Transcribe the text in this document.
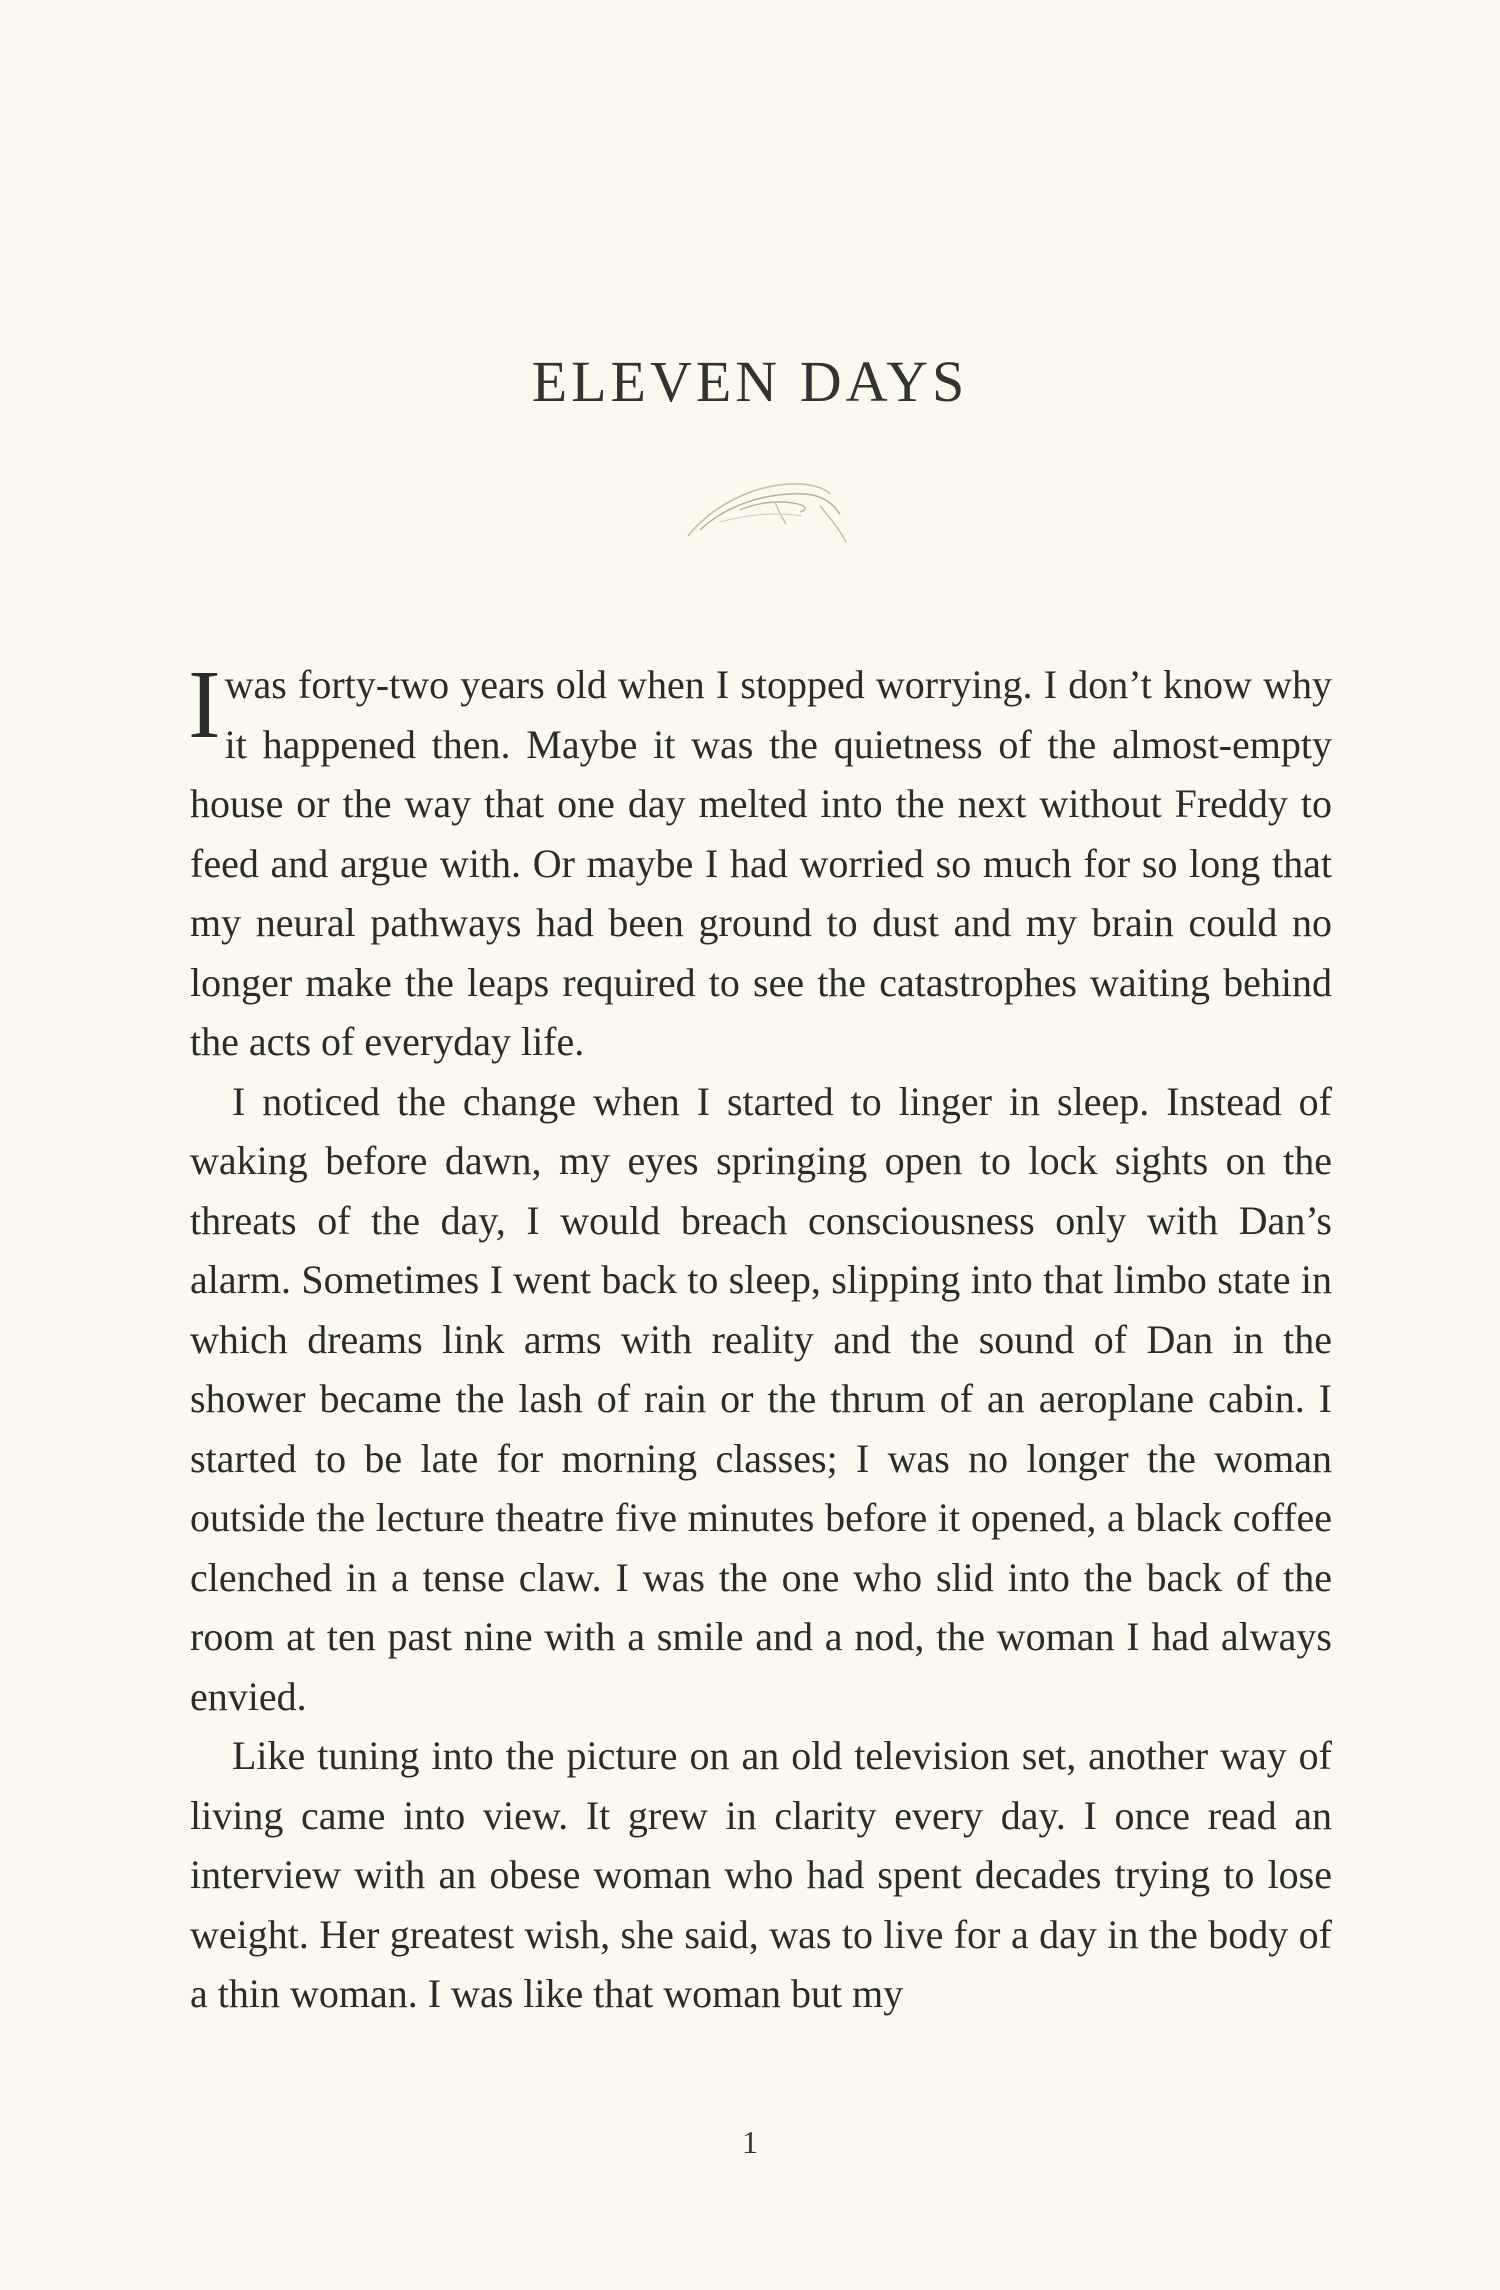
ELEVEN DAYS

I was forty-two years old when I stopped worrying. I don’t know why it happened then. Maybe it was the quietness of the almost-empty house or the way that one day melted into the next without Freddy to feed and argue with. Or maybe I had worried so much for so long that my neural pathways had been ground to dust and my brain could no longer make the leaps required to see the catastrophes waiting behind the acts of everyday life.

I noticed the change when I started to linger in sleep. Instead of waking before dawn, my eyes springing open to lock sights on the threats of the day, I would breach consciousness only with Dan’s alarm. Sometimes I went back to sleep, slipping into that limbo state in which dreams link arms with reality and the sound of Dan in the shower became the lash of rain or the thrum of an aeroplane cabin. I started to be late for morning classes; I was no longer the woman outside the lecture theatre five minutes before it opened, a black coffee clenched in a tense claw. I was the one who slid into the back of the room at ten past nine with a smile and a nod, the woman I had always envied.

Like tuning into the picture on an old television set, another way of living came into view. It grew in clarity every day. I once read an interview with an obese woman who had spent decades trying to lose weight. Her greatest wish, she said, was to live for a day in the body of a thin woman. I was like that woman but my

1
